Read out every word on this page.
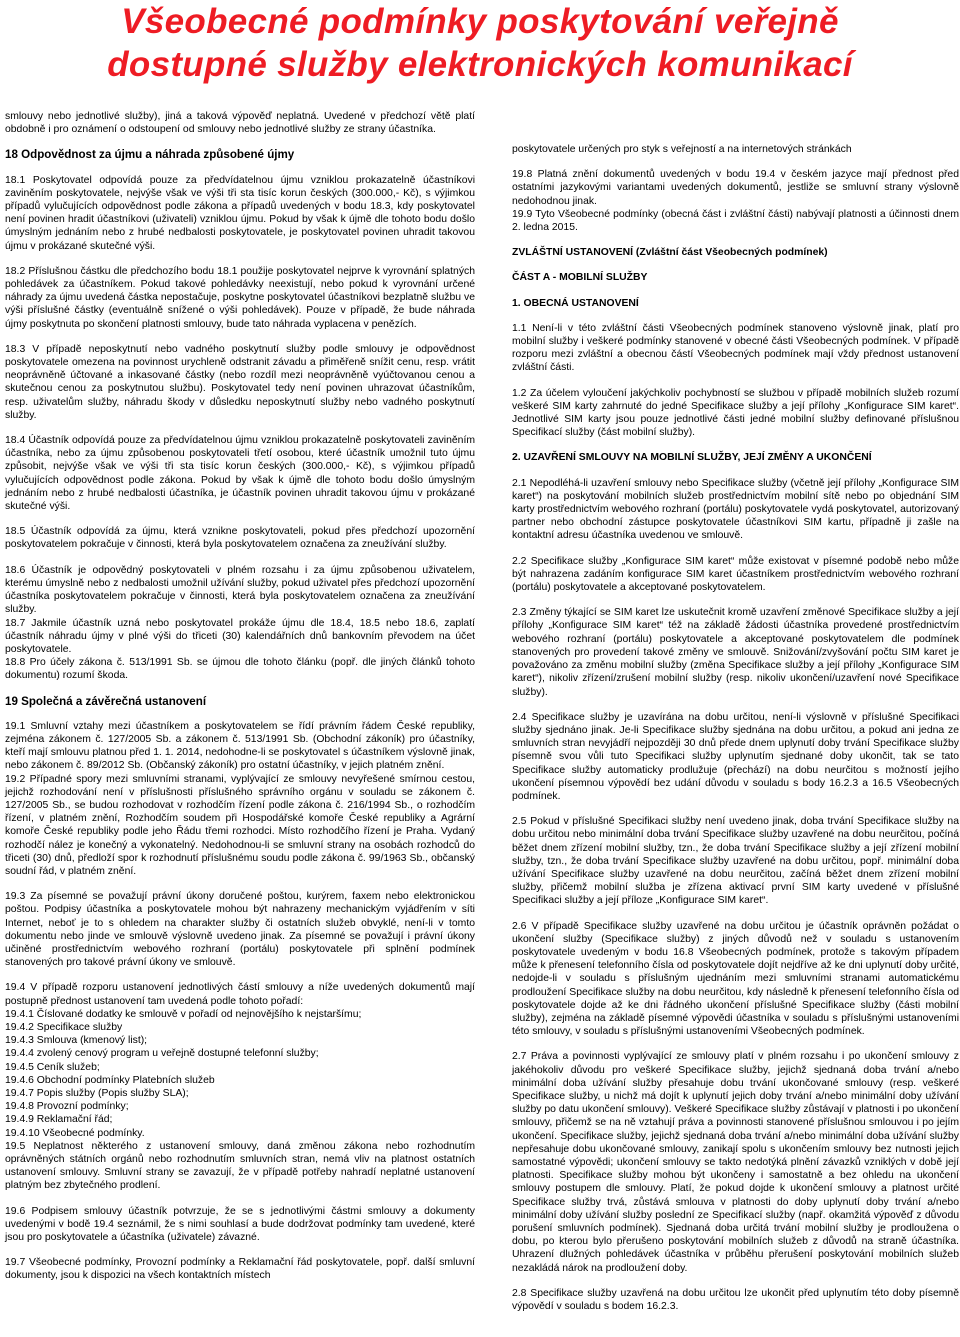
Všeobecné podmínky poskytování veřejně
dostupné služby elektronických komunikací
smlouvy nebo jednotlivé služby), jiná a taková výpověď neplatná. Uvedené v předchozí větě platí obdobně i pro oznámení o odstoupení od smlouvy nebo jednotlivé služby ze strany účastníka.
18 Odpovědnost za újmu a náhrada způsobené újmy
18.1 Poskytovatel odpovídá pouze za předvídatelnou újmu vzniklou prokazatelně účastníkovi zaviněním poskytovatele, nejvýše však ve výši tři sta tisíc korun českých (300.000,- Kč), s výjimkou případů vylučujících odpovědnost podle zákona a případů uvedených v bodu 18.3, kdy poskytovatel není povinen hradit účastníkovi (uživateli) vzniklou újmu. Pokud by však k újmě dle tohoto bodu došlo úmyslným jednáním nebo z hrubé nedbalosti poskytovatele, je poskytovatel povinen uhradit takovou újmu v prokázané skutečné výši.
18.2 Příslušnou částku dle předchozího bodu 18.1 použije poskytovatel nejprve k vyrovnání splatných pohledávek za účastníkem. Pokud takové pohledávky neexistují, nebo pokud k vyrovnání určené náhrady za újmu uvedená částka nepostačuje, poskytne poskytovatel účastníkovi bezplatně službu ve výši příslušné částky (eventuálně snížené o výši pohledávek). Pouze v případě, že bude náhrada újmy poskytnuta po skončení platnosti smlouvy, bude tato náhrada vyplacena v penězích.
18.3 V případě neposkytnutí nebo vadného poskytnutí služby podle smlouvy je odpovědnost poskytovatele omezena na povinnost urychleně odstranit závadu a přiměřeně snížit cenu, resp. vrátit neoprávněně účtované a inkasované částky (nebo rozdíl mezi neoprávněně vyúčtovanou cenou a skutečnou cenou za poskytnutou službu). Poskytovatel tedy není povinen uhrazovat účastníkům, resp. uživatelům služby, náhradu škody v důsledku neposkytnutí služby nebo vadného poskytnutí služby.
18.4 Účastník odpovídá pouze za předvídatelnou újmu vzniklou prokazatelně poskytovateli zaviněním účastníka, nebo za újmu způsobenou poskytovateli třetí osobou, které účastník umožnil tuto újmu způsobit, nejvýše však ve výši tři sta tisíc korun českých (300.000,- Kč), s výjimkou případů vylučujících odpovědnost podle zákona. Pokud by však k újmě dle tohoto bodu došlo úmyslným jednáním nebo z hrubé nedbalosti účastníka, je účastník povinen uhradit takovou újmu v prokázané skutečné výši.
18.5 Účastník odpovídá za újmu, která vznikne poskytovateli, pokud přes předchozí upozornění poskytovatelem pokračuje v činnosti, která byla poskytovatelem označena za zneužívání služby.
18.6 Účastník je odpovědný poskytovateli v plném rozsahu i za újmu způsobenou uživatelem, kterému úmyslně nebo z nedbalosti umožnil užívání služby, pokud uživatel přes předchozí upozornění účastníka poskytovatelem pokračuje v činnosti, která byla poskytovatelem označena za zneužívání služby.
18.7 Jakmile účastník uzná nebo poskytovatel prokáže újmu dle 18.4, 18.5 nebo 18.6, zaplatí účastník náhradu újmy v plné výši do třiceti (30) kalendářních dnů bankovním převodem na účet poskytovatele.
18.8 Pro účely zákona č. 513/1991 Sb. se újmou dle tohoto článku (popř. dle jiných článků tohoto dokumentu) rozumí škoda.
19 Společná a závěrečná ustanovení
19.1 Smluvní vztahy mezi účastníkem a poskytovatelem se řídí právním řádem České republiky, zejména zákonem č. 127/2005 Sb. a zákonem č. 513/1991 Sb. (Obchodní zákoník) pro účastníky, kteří mají smlouvu platnou před 1. 1. 2014, nedohodne-li se poskytovatel s účastníkem výslovně jinak, nebo zákonem č. 89/2012 Sb. (Občanský zákoník) pro ostatní účastníky, v jejich platném znění.
19.2 Případné spory mezi smluvními stranami, vyplývající ze smlouvy nevyřešené smírnou cestou, jejichž rozhodování není v příslušnosti příslušného správního orgánu v souladu se zákonem č. 127/2005 Sb., se budou rozhodovat v rozhodčím řízení podle zákona č. 216/1994 Sb., o rozhodčím řízení, v platném znění, Rozhodčím soudem při Hospodářské komoře České republiky a Agrární komoře České republiky podle jeho Řádu třemi rozhodci. Místo rozhodčího řízení je Praha. Vydaný rozhodčí nález je konečný a vykonatelný. Nedohodnou-li se smluvní strany na osobách rozhodců do třiceti (30) dnů, předloží spor k rozhodnutí příslušnému soudu podle zákona č. 99/1963 Sb., občanský soudní řád, v platném znění.
19.3 Za písemné se považují právní úkony doručené poštou, kurýrem, faxem nebo elektronickou poštou. Podpisy účastníka a poskytovatele mohou být nahrazeny mechanickým vyjádřením v síti Internet, neboť je to s ohledem na charakter služby či ostatních služeb obvyklé, není-li v tomto dokumentu nebo jinde ve smlouvě výslovně uvedeno jinak. Za písemné se považují i právní úkony učiněné prostřednictvím webového rozhraní (portálu) poskytovatele při splnění podmínek stanovených pro takové právní úkony ve smlouvě.
19.4 V případě rozporu ustanovení jednotlivých částí smlouvy a níže uvedených dokumentů mají postupně přednost ustanovení tam uvedená podle tohoto pořadí:
19.4.1 Číslované dodatky ke smlouvě v pořadí od nejnovějšího k nejstaršímu;
19.4.2 Specifikace služby
19.4.3 Smlouva (kmenový list);
19.4.4 zvolený cenový program u veřejně dostupné telefonní služby;
19.4.5 Ceník služeb;
19.4.6 Obchodní podmínky Platebních služeb
19.4.7 Popis služby (Popis služby SLA);
19.4.8 Provozní podmínky;
19.4.9 Reklamační řád;
19.4.10 Všeobecné podmínky.
19.5 Neplatnost některého z ustanovení smlouvy, daná změnou zákona nebo rozhodnutím oprávněných státních orgánů nebo rozhodnutím smluvních stran, nemá vliv na platnost ostatních ustanovení smlouvy. Smluvní strany se zavazují, že v případě potřeby nahradí neplatné ustanovení platným bez zbytečného prodlení.
19.6 Podpisem smlouvy účastník potvrzuje, že se s jednotlivými částmi smlouvy a dokumenty uvedenými v bodě 19.4 seznámil, že s nimi souhlasí a bude dodržovat podmínky tam uvedené, které jsou pro poskytovatele a účastníka (uživatele) závazné.
19.7 Všeobecné podmínky, Provozní podmínky a Reklamační řád poskytovatele, popř. další smluvní dokumenty, jsou k dispozici na všech kontaktních místech
poskytovatele určených pro styk s veřejností a na internetových stránkách
19.8 Platná znění dokumentů uvedených v bodu 19.4 v českém jazyce mají přednost před ostatními jazykovými variantami uvedených dokumentů, jestliže se smluvní strany výslovně nedohodnou jinak.
19.9 Tyto Všeobecné podmínky (obecná část i zvláštní části) nabývají platnosti a účinnosti dnem 2. ledna 2015.
ZVLÁŠTNÍ USTANOVENÍ (Zvláštní část Všeobecných podmínek)
ČÁST A - MOBILNÍ SLUŽBY
1. OBECNÁ USTANOVENÍ
1.1 Není-li v této zvláštní části Všeobecných podmínek stanoveno výslovně jinak, platí pro mobilní služby i veškeré podmínky stanovené v obecné části Všeobecných podmínek. V případě rozporu mezi zvláštní a obecnou částí Všeobecných podmínek mají vždy přednost ustanovení zvláštní části.
1.2 Za účelem vyloučení jakýchkoliv pochybností se službou v případě mobilních služeb rozumí veškeré SIM karty zahrnuté do jedné Specifikace služby a její přílohy „Konfigurace SIM karet“. Jednotlivé SIM karty jsou pouze jednotlivé části jedné mobilní služby definované příslušnou Specifikací služby (část mobilní služby).
2. UZAVŘENÍ SMLOUVY NA MOBILNÍ SLUŽBY, JEJÍ ZMĚNY A UKONČENÍ
2.1 Nepodléhá-li uzavření smlouvy nebo Specifikace služby (včetně její přílohy „Konfigurace SIM karet“) na poskytování mobilních služeb prostřednictvím mobilní sítě nebo po objednání SIM karty prostřednictvím webového rozhraní (portálu) poskytovatele vydá poskytovatel, autorizovaný partner nebo obchodní zástupce poskytovatele účastníkovi SIM kartu, případně ji zašle na kontaktní adresu účastníka uvedenou ve smlouvě.
2.2 Specifikace služby „Konfigurace SIM karet“ může existovat v písemné podobě nebo může být nahrazena zadáním konfigurace SIM karet účastníkem prostřednictvím webového rozhraní (portálu) poskytovatele a akceptované poskytovatelem.
2.3 Změny týkající se SIM karet lze uskutečnit kromě uzavření změnové Specifikace služby a její přílohy „Konfigurace SIM karet“ též na základě žádosti účastníka provedené prostřednictvím webového rozhraní (portálu) poskytovatele a akceptované poskytovatelem dle podmínek stanovených pro provedení takové změny ve smlouvě. Snižování/zvyšování počtu SIM karet je považováno za změnu mobilní služby (změna Specifikace služby a její přílohy „Konfigurace SIM karet“), nikoliv zřízení/zrušení mobilní služby (resp. nikoliv ukončení/uzavření nové Specifikace služby).
2.4 Specifikace služby je uzavírána na dobu určitou, není-li výslovně v příslušné Specifikaci služby sjednáno jinak. Je-li Specifikace služby sjednána na dobu určitou, a pokud ani jedna ze smluvních stran nevyjádří nejpozději 30 dnů přede dnem uplynutí doby trvání Specifikace služby písemně svou vůli tuto Specifikaci služby uplynutím sjednané doby ukončit, tak se tato Specifikace služby automaticky prodlužuje (přechází) na dobu neurčitou s možností jejího ukončení písemnou výpovědí bez udání důvodu v souladu s body 16.2.3 a 16.5 Všeobecných podmínek.
2.5 Pokud v příslušné Specifikaci služby není uvedeno jinak, doba trvání Specifikace služby na dobu určitou nebo minimální doba trvání Specifikace služby uzavřené na dobu neurčitou, počíná běžet dnem zřízení mobilní služby, tzn., že doba trvání Specifikace služby a její zřízení mobilní služby, tzn., že doba trvání Specifikace služby uzavřené na dobu určitou, popř. minimální doba užívání Specifikace služby uzavřené na dobu neurčitou, začíná běžet dnem zřízení mobilní služby, přičemž mobilní služba je zřízena aktivací první SIM karty uvedené v příslušné Specifikaci služby a její příloze „Konfigurace SIM karet“.
2.6 V případě Specifikace služby uzavřené na dobu určitou je účastník oprávněn požádat o ukončení služby (Specifikace služby) z jiných důvodů než v souladu s ustanovením poskytovatele uvedeným v bodu 16.8 Všeobecných podmínek, protože s takovým případem může k přenesení telefonního čísla od poskytovatele dojít nejdříve až ke dni uplynutí doby určité, nedojde-li v souladu s příslušným ujednáním mezi smluvními stranami automatickému prodloužení Specifikace služby na dobu neurčitou, kdy následně k přenesení telefonního čísla od poskytovatele dojde až ke dni řádného ukončení příslušné Specifikace služby (části mobilní služby), zejména na základě písemné výpovědi účastníka v souladu s příslušnými ustanoveními této smlouvy, v souladu s příslušnými ustanoveními Všeobecných podmínek.
2.7 Práva a povinnosti vyplývající ze smlouvy platí v plném rozsahu i po ukončení smlouvy z jakéhokoliv důvodu pro veškeré Specifikace služby, jejichž sjednaná doba trvání a/nebo minimální doba užívání služby přesahuje dobu trvání ukončované smlouvy (resp. veškeré Specifikace služby, u nichž má dojít k uplynutí jejich doby trvání a/nebo minimální doby užívání služby po datu ukončení smlouvy). Veškeré Specifikace služby zůstávají v platnosti i po ukončení smlouvy, přičemž se na ně vztahují práva a povinnosti stanovené příslušnou smlouvou i po jejím ukončení. Specifikace služby, jejichž sjednaná doba trvání a/nebo minimální doba užívání služby nepřesahuje dobu ukončované smlouvy, zanikají spolu s ukončením smlouvy bez nutnosti jejich samostatné výpovědi; ukončení smlouvy se takto nedotýká plnění závazků vzniklých v době její platnosti. Specifikace služby mohou být ukončeny i samostatně a bez ohledu na ukončení smlouvy postupem dle smlouvy. Platí, že pokud dojde k ukončení smlouvy a platnost určité Specifikace služby trvá, zůstává smlouva v platnosti do doby uplynutí doby trvání a/nebo minimální doby užívání služby poslední ze Specifikací služby (např. okamžitá výpověď z důvodu porušení smluvních podmínek). Sjednaná doba určitá trvání mobilní služby je prodloužena o dobu, po kterou bylo přerušeno poskytování mobilních služeb z důvodů na straně účastníka. Uhrazení dlužných pohledávek účastníka v průběhu přerušení poskytování mobilních služeb nezakládá nárok na prodloužení doby.
2.8 Specifikace služby uzavřená na dobu určitou lze ukončit před uplynutím této doby písemně výpovědí v souladu s bodem 16.2.3.
